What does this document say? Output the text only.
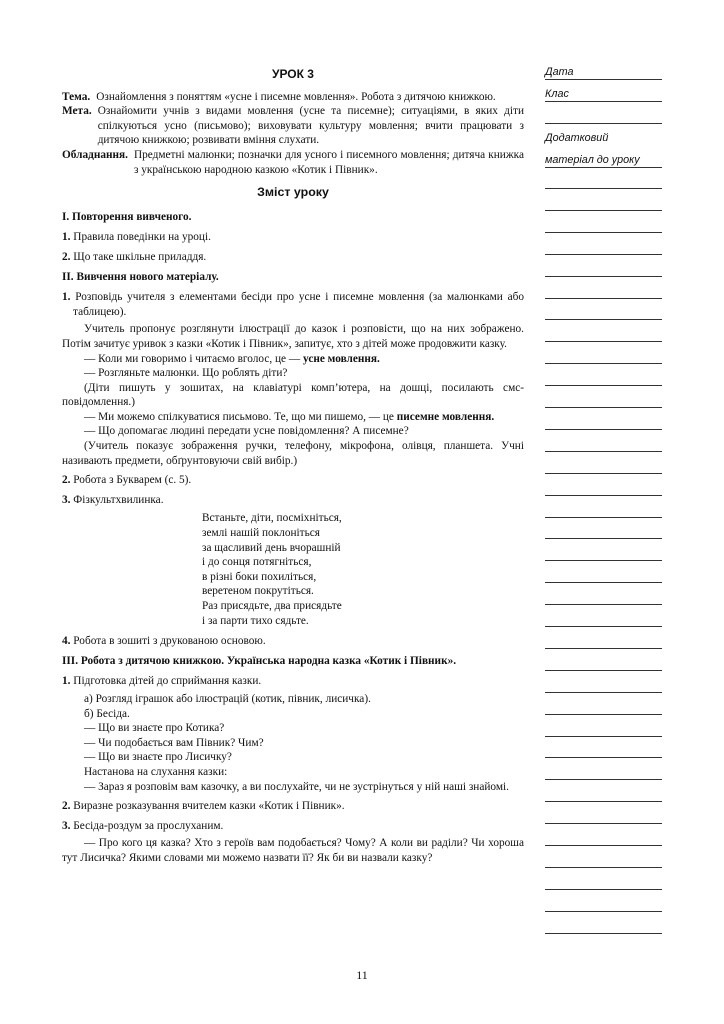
УРОК 3
Тема. Ознайомлення з поняттям «усне і писемне мовлення». Робота з дитячою книжкою.
Мета. Ознайомити учнів з видами мовлення (усне та писемне); ситуаціями, в яких діти спілкуються усно (письмово); виховувати культуру мовлення; вчити працювати з дитячою книжкою; розвивати вміння слухати.
Обладнання. Предметні малюнки; позначки для усного і писемного мовлення; дитяча книжка з українською народною казкою «Котик і Півник».
Зміст уроку
I. Повторення вивченого.
1. Правила поведінки на уроці.
2. Що таке шкільне приладдя.
II. Вивчення нового матеріалу.
1. Розповідь учителя з елементами бесіди про усне і писемне мовлення (за малюнками або таблицею).

Учитель пропонує розглянути ілюстрації до казок і розповісти, що на них зображено. Потім зачитує уривок з казки «Котик і Півник», запитує, хто з дітей може продовжити казку.

— Коли ми говоримо і читаємо вголос, це — усне мовлення.
— Розгляньте малюнки. Що роблять діти?
(Діти пишуть у зошитах, на клавіатурі комп’ютера, на дошці, посилають смс-повідомлення.)
— Ми можемо спілкуватися письмово. Те, що ми пишемо, — це писемне мовлення.
— Що допомагає людині передати усне повідомлення? А писемне?
(Учитель показує зображення ручки, телефону, мікрофона, олівця, планшета. Учні називають предмети, обґрунтовуючи свій вибір.)
2. Робота з Букварем (с. 5).
3. Фізкультхвилинка.
Встаньте, діти, посміхніться,
землі нашій поклоніться
за щасливий день вчорашній
і до сонця потягніться,
в різні боки похиліться,
веретеном покрутіться.
Раз присядьте, два присядьте
і за парти тихо сядьте.
4. Робота в зошиті з друкованою основою.
III. Робота з дитячою книжкою. Українська народна казка «Котик і Півник».
1. Підготовка дітей до сприймання казки.
а) Розгляд іграшок або ілюстрацій (котик, півник, лисичка).
б) Бесіда.
— Що ви знаєте про Котика?
— Чи подобається вам Півник? Чим?
— Що ви знаєте про Лисичку?
Настанова на слухання казки:
— Зараз я розповім вам казочку, а ви послухайте, чи не зустрінуться у ній наші знайомі.
2. Виразне розказування вчителем казки «Котик і Півник».
3. Бесіда-роздум за прослуханим.
— Про кого ця казка? Хто з героїв вам подобається? Чому? А коли ви раділи? Чи хороша тут Лисичка? Якими словами ми можемо назвати її? Як би ви назвали казку?
Дата
Клас
Додатковий
матеріал до уроку
11
